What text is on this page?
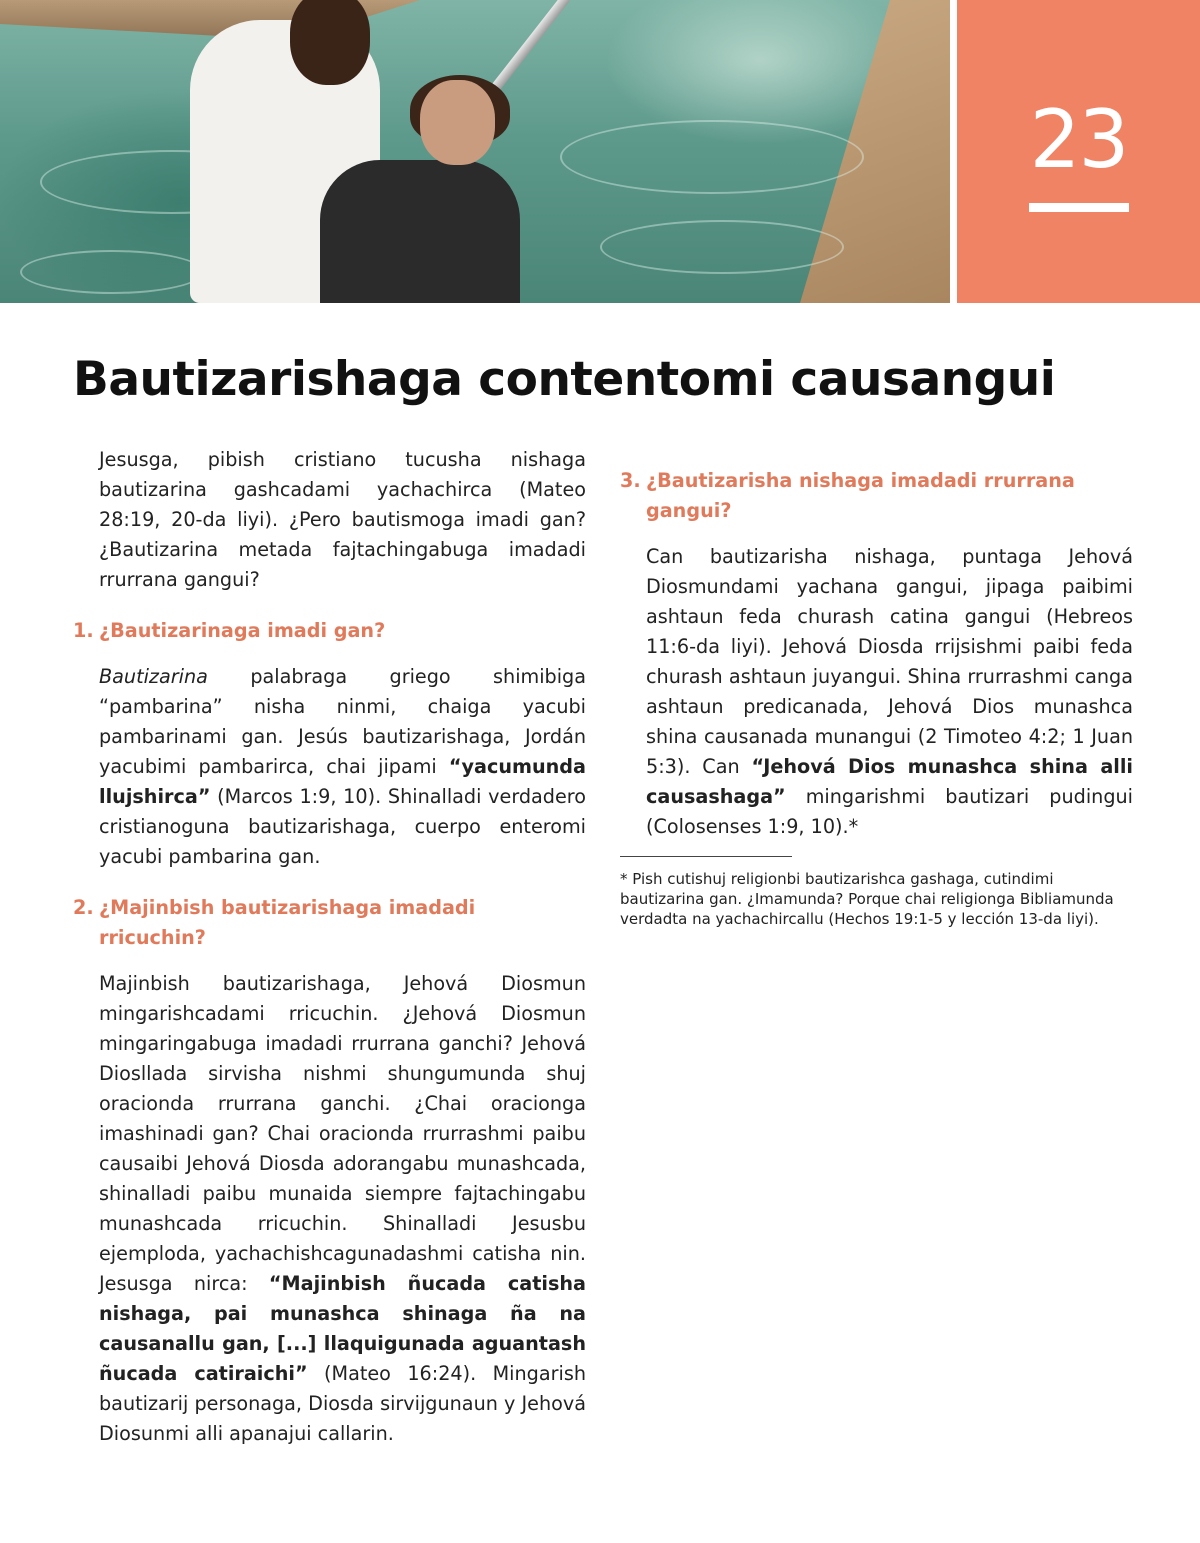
23
Bautizarishaga contentomi causangui

Jesusga, pibish cristiano tucusha nishaga bautizarina gashcadami yachachirca (Mateo 28:19, 20-da liyi). ¿Pero bautismoga imadi gan? ¿Bautizarina metada fajtachingabuga imadadi rrurrana gangui?

1. ¿Bautizarinaga imadi gan?

Bautizarina palabraga griego shimibiga “pambarina” nisha ninmi, chaiga yacubi pambarinami gan. Jesús bautizarishaga, Jordán yacubimi pambarirca, chai jipami “yacumunda llujshirca” (Marcos 1:9, 10). Shinalladi verdadero cristianoguna bautizarishaga, cuerpo enteromi yacubi pambarina gan.

2. ¿Majinbish bautizarishaga imadadi rricuchin?

Majinbish bautizarishaga, Jehová Diosmun mingarishcadami rricuchin. ¿Jehová Diosmun mingaringabuga imadadi rrurrana ganchi? Jehová Diosllada sirvisha nishmi shungumunda shuj oracionda rrurrana ganchi. ¿Chai oracionga imashinadi gan? Chai oracionda rrurrashmi paibu causaibi Jehová Diosda adorangabu munashcada, shinalladi paibu munaida siempre fajtachingabu munashcada rricuchin. Shinalladi Jesusbu ejemploda, yachachishcagunadashmi catisha nin. Jesusga nirca: “Majinbish ñucada catisha nishaga, pai munashca shinaga ña na causanallu gan, [...] llaquigunada aguantash ñucada catiraichi” (Mateo 16:24). Mingarish bautizarij personaga, Diosda sirvijgunaun y Jehová Diosunmi alli apanajui callarin.

3. ¿Bautizarisha nishaga imadadi rrurrana gangui?

Can bautizarisha nishaga, puntaga Jehová Diosmundami yachana gangui, jipaga paibimi ashtaun feda churash catina gangui (Hebreos 11:6-da liyi). Jehová Diosda rrijsishmi paibi feda churash ashtaun juyangui. Shina rrurrashmi canga ashtaun predicanada, Jehová Dios munashca shina causanada munangui (2 Timoteo 4:2; 1 Juan 5:3). Can “Jehová Dios munashca shina alli causashaga” mingarishmi bautizari pudingui (Colosenses 1:9, 10).*

* Pish cutishuj religionbi bautizarishca gashaga, cutindimi bautizarina gan. ¿Imamunda? Porque chai religionga Bibliamunda verdadta na yachachircallu (Hechos 19:1-5 y lección 13-da liyi).
